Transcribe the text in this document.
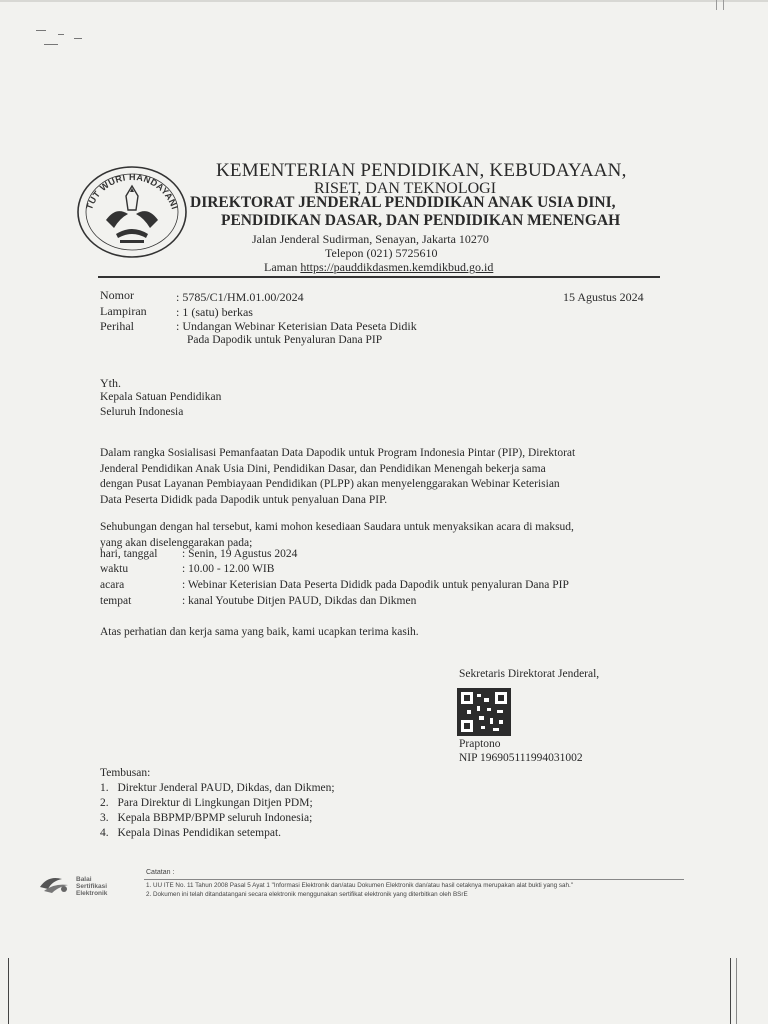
TUT WURI HANDAYANI
KEMENTERIAN PENDIDIKAN, KEBUDAYAAN,
RISET, DAN TEKNOLOGI
DIREKTORAT JENDERAL PENDIDIKAN ANAK USIA DINI,
PENDIDIKAN DASAR, DAN PENDIDIKAN MENENGAH
Jalan Jenderal Sudirman, Senayan, Jakarta 10270
Telepon (021) 5725610
Laman https://pauddikdasmen.kemdikbud.go.id
Nomor	: 5785/C1/HM.01.00/2024	15 Agustus 2024
Lampiran : 1 (satu) berkas
Perihal	: Undangan Webinar Keterisian Data Peseta Didik
Pada Dapodik untuk Penyaluran Dana PIP
Yth.
Kepala Satuan Pendidikan
Seluruh Indonesia
Dalam rangka Sosialisasi Pemanfaatan Data Dapodik untuk Program Indonesia Pintar (PIP), Direktorat
Jenderal Pendidikan Anak Usia Dini, Pendidikan Dasar, dan Pendidikan Menengah bekerja sama
dengan Pusat Layanan Pembiayaan Pendidikan (PLPP) akan menyelenggarakan Webinar Keterisian
Data Peserta Dididk pada Dapodik untuk penyaluan Dana PIP.
Sehubungan dengan hal tersebut, kami mohon kesediaan Saudara untuk menyaksikan acara di maksud,
yang akan diselenggarakan pada;
hari, tanggal : Senin, 19 Agustus 2024
waktu	: 10.00 - 12.00 WIB
acara	: Webinar Keterisian Data Peserta Dididk pada Dapodik untuk penyaluran Dana PIP
tempat	: kanal Youtube Ditjen PAUD, Dikdas dan Dikmen
Atas perhatian dan kerja sama yang baik, kami ucapkan terima kasih.
Sekretaris Direktorat Jenderal,
Praptono
NIP 196905111994031002
Tembusan:
1. Direktur Jenderal PAUD, Dikdas, dan Dikmen;
2. Para Direktur di Lingkungan Ditjen PDM;
3. Kepala BBPMP/BPMP seluruh Indonesia;
4. Kepala Dinas Pendidikan setempat.
Balai
Sertifikasi
Elektronik
Catatan :
1. UU ITE No. 11 Tahun 2008 Pasal 5 Ayat 1 "Informasi Elektronik dan/atau Dokumen Elektronik dan/atau hasil cetaknya merupakan alat bukti yang sah."
2. Dokumen ini telah ditandatangani secara elektronik menggunakan sertifikat elektronik yang diterbitkan oleh BSrE
